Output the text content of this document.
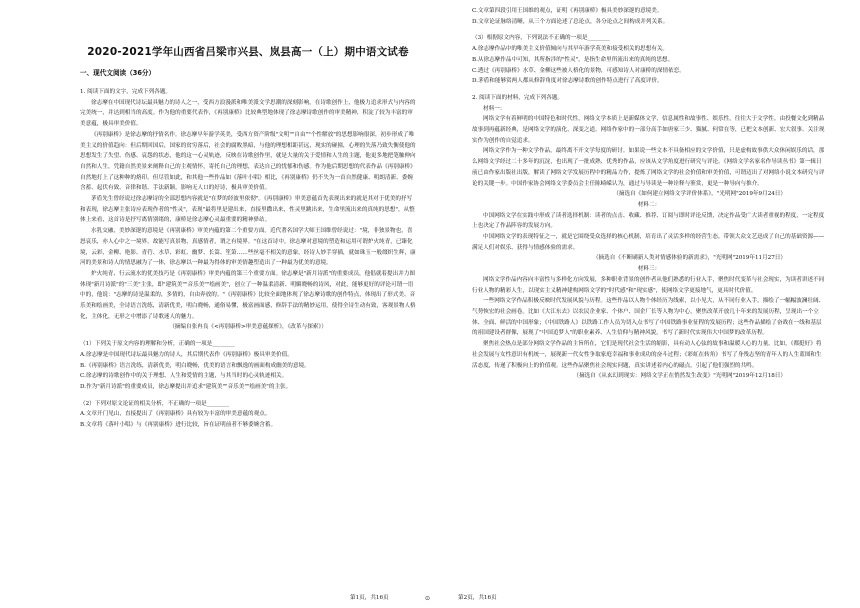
2020-2021学年山西省吕梁市兴县、岚县高一（上）期中语文试卷
一、现代文阅读（36分）

1. 阅读下面的文字，完成下列各题。

徐志摩在中国现代诗坛最具魅力的诗人之一，受西方浪漫派和唯美派文学思潮的深刻影响，在诗歌创作上，他极力追求形式与内容的完美统一，并达到相当的高度。作为他的重要代表作，《再别康桥》比较典型地体现了徐志摩诗歌创作的审美精神，积淀了较为丰富的审美意蕴，极具审美价值。

《再别康桥》是徐志摩的抒情名作。徐志摩早年游学英美，受西方资产阶级"文明""自由""个性解放"的思想影响很深，初步形成了唯美主义的价值趋向：但后期回国后，国家的贫穷落后，社会的腐败黑暗，与他的理想相距甚远，现实的碰撞，心理的失落乃致失衡使他的思想发生了失望、伤感、哀怨的状态，他的这一心灵轨迹，反映在诗歌创作里，就是大量的关于爱情和人生的主题，他更多地把笔触伸向自然和人生，凭籍自然美景来阐释自己的主观情怀，寄托自己的理想，表达自己的忧郁和伤感。作为他后期思想的代表作品《再别康桥》自然地打上了这种种的烙印。但尽管如此，和其他一些作品如《落叶小唱》相比，《再别康桥》仍不失为一首自然健康、明朗清新、委婉含蓄、起伏有致、音律和谐、手法新颖，影响无人口的好诗，极具审美价值。

茅盾先生曾经说过徐志摩诗的全部思想内容就是"在梦的经波里依彻"。《再别康桥》审美意蕴首先表现出来的就是其对于优美的抒写和表现，徐志摩主张诗应表现作者的"性灵"，表现"最将里是建出来，直接里撒出来，性灵里跳出来，生命里流出来的真纯的思想"，从整体上来看，这首诗是抒写离情别绪的，康桥是徐志摩心灵最重要的精神驿站。

水乳交融，美妙深邃的意境是《再别康桥》审美内蕴的第二个重要方面。近代著名国学大师王国维曾经说过："境，非独景物也，喜怒哀乐，亦人心中之一境界，故能写真景物，真感情者，谓之有境界。"在这首诗中，徐志摩对意境的塑造和运用可谓炉火纯青，已臻化境，云彩、金柳、艳影、青荇、水草、彩虹、幽梦、长篙、笙箫……些丝毫不相关的意象，经诗人妙手穿插，就如珠玉一般缀织生辉，康河的美景和诗人的情思融为了一体，徐志摩以一种最为得体的审美情趣塑造出了一种最为优美的意境。

炉火纯青、行云流水的优美技巧是《再别康桥》审美内蕴的第三个重要方面。徐志摩是"新月诗派"的重要成员，他倡就着提出并力图体现"新月诗派"的"三美"主张，即"建筑美""音乐美""绘画美"，创立了一种温柔清新、明媚晓畅的诗风，对此，能够更好的评论可谓一语中的，他说："志摩的诗是温柔的，多情的，自由奔放的。"《再别康桥》比较全面地体现了徐志摩诗歌的创作特点，体现出了形式美、音乐美和绘画美，全诗语言洗练，清新优美，明白晓畅，通俗易懂，极富画面感，修辞手法的精妙运用，使得全诗生动有致，客观景物人格化，主体化，无形之中增添了诗歌迷人的魅力。

（摘编自张冉良《<再别康桥>审美意蕴探析》，《改革与探索》）

（1）下列关于原文内容的理解和分析，正确的一项是________

A.徐志摩是中国现代诗坛最具魅力的诗人，其后期代表作《再别康桥》极具审美价值。

B.《再别康桥》语言洗练，清新优美，明白晓畅，优美的语言和飘逸的画面构成幽美的意境。

C.徐志摩的诗歌创作中的关于理想、人生和爱情的主题，与其当时的心灵轨迹相关。

D.作为"新月诗派"的重要成员，徐志摩提出并追求"建筑美""音乐美""绘画美"的主张。

（2）下列对原文论证的相关分析，不正确的一项是________

A.文章开门见山，直接提出了《再别康桥》具有较为丰富的审美意蕴的观点。

B.文章将《落叶小唱》与《再别康桥》进行比较，旨在证明前者不够委婉含蓄。

C.文章第四段引用王国维的观点，证明《再别康桥》极具美妙深邃的意境美。

D.文章论证脉络清晰，从三个方面论述了总论点，各分论点之间构成并列关系。

（3）根据原文内容，下列说法不正确的一项是________

A.徐志摩作品中的唯美主义价值倾向与其早年游学英美和接受相关的思想有关。

B.从徐志摩作品中可知，其所指涉的"性灵"，是指生命里所流出来的真纯的思想。

C.透过《再别康桥》水草、金柳这些被人格化的景物，可感知诗人对康桥的深情依恋。

D.茅盾和能够赏两人都从修辞角度对徐志摩诗歌的创作特点进行了高度评价。

2. 阅读下面的材料，完成下列各题。

材料一：

网络文学有着鲜明的中国特色和时代性，网络文学本质上是新媒体文学，信息属性和故事性、娱乐性，往往大于文学性。由投餐文化到精品故事到再蕴新经典，是网络文学的演化、深变之道。网络作家中的一部分高手如唐家三少、猫腻、何常在等，已把文本创新、宏大叙事、关注现实作为创作的自觉追求。

网络文学作为一种文学作品，最终离不开文学每度的研讨。如果说一些文本不具备相应的文学价值，只是虚构故事供大众休闲娱乐的话，那么网络文学经过二十多年的沉淀，也出现了一批成熟、优秀的作品，应该从文学角度进行研究与评论。《网络文学名家名作导读丛书》第一辑日前已由作家出版社出版，解读了网络文学发展历程中的精品力作，提炼了网络文学的社会价值和审美价值，可谓迈出了对网络小说文本研究与评论的关键一步。中国作家协会网络文学委员会主任陈崎嵘认为，通过与导读是一种诠释与鉴赏，更是一种导向与推介。

（摘选自《如何建立网络文学评价体系》，"光明网"2019年9月24日）

材料二：

中国网络文学在实践中形成了读者选择机制：读者的点击、收藏、推荐、订阅与即时评论反馈，决定作品受广大读者重视的程度，一定程度上也决定了作品阵容的发展方向。

中国网络文学的表现特征之一，就是它围绕受众选择的核心机制，培育出了灵活多样的经营生态，带领大众文艺迅成了自己的基础资源——满足人们对娱乐、获得与情感体验的需求。

（摘选自《不断刷新人类对情感体验的新需求》，"光明网"2019年11月27日）

材料三：

网络文学作品内容向丰富性与多样化方向发展，多种职业背景的创作者从他们熟悉的行业入手，聚焦时代变革与社会现实，为读者讲述不同行业人物的精彩人生，以现实主义精神建构网络文学的"时代感"和"现实感"，使网络文学更接地气，更具时代价值。

一些网络文学作品积极反映时代发展风貌与历程。这些作品以人物个体经历为线索，以小见大，从不同行业入手，描绘了一幅幅波澜壮阔、气势恢宏的社会画卷。比如《大江东去》以农民企业家、个体户、国企厂长等人物为中心，聚焦改革开放几十年来的发展历程，呈现出一个立体、全面、鲜活的中国形象；《中国铁路人》以铁路工作人员为切入点书写了中国铁路事业征程的发展历程；这些作品描绘了奋战在一线和基层的祖国建设者群像，展现了"中国追梦人"的职业素养、人生信仰与精神风貌，书写了新时代实现伟大中国梦的改革历程。

聚焦社会热点是部分网络文学作品的主旨所在，它们是现代社会生活的缩影，具有动人心弦的故事和温暖人心的力量。比如，《都挺好》将社会发展与女性意识有机统一，展现新一代女性争取家庭幸福和事业成功的奋斗过程；《彩虹在转角》书写了身残志坚的青年人的人生蓝图和生活态度，传递了积极向上的价值观。这些作品聚焦社会现实问题，真实讲述着内心的磁点，引起了他们强烈的共鸣。

（摘选自《从玄幻到现实：网络文学正在悄然发生改变》"光明网"2019年12月18日）

第1页，共16页	⊙	第2页，共16页
